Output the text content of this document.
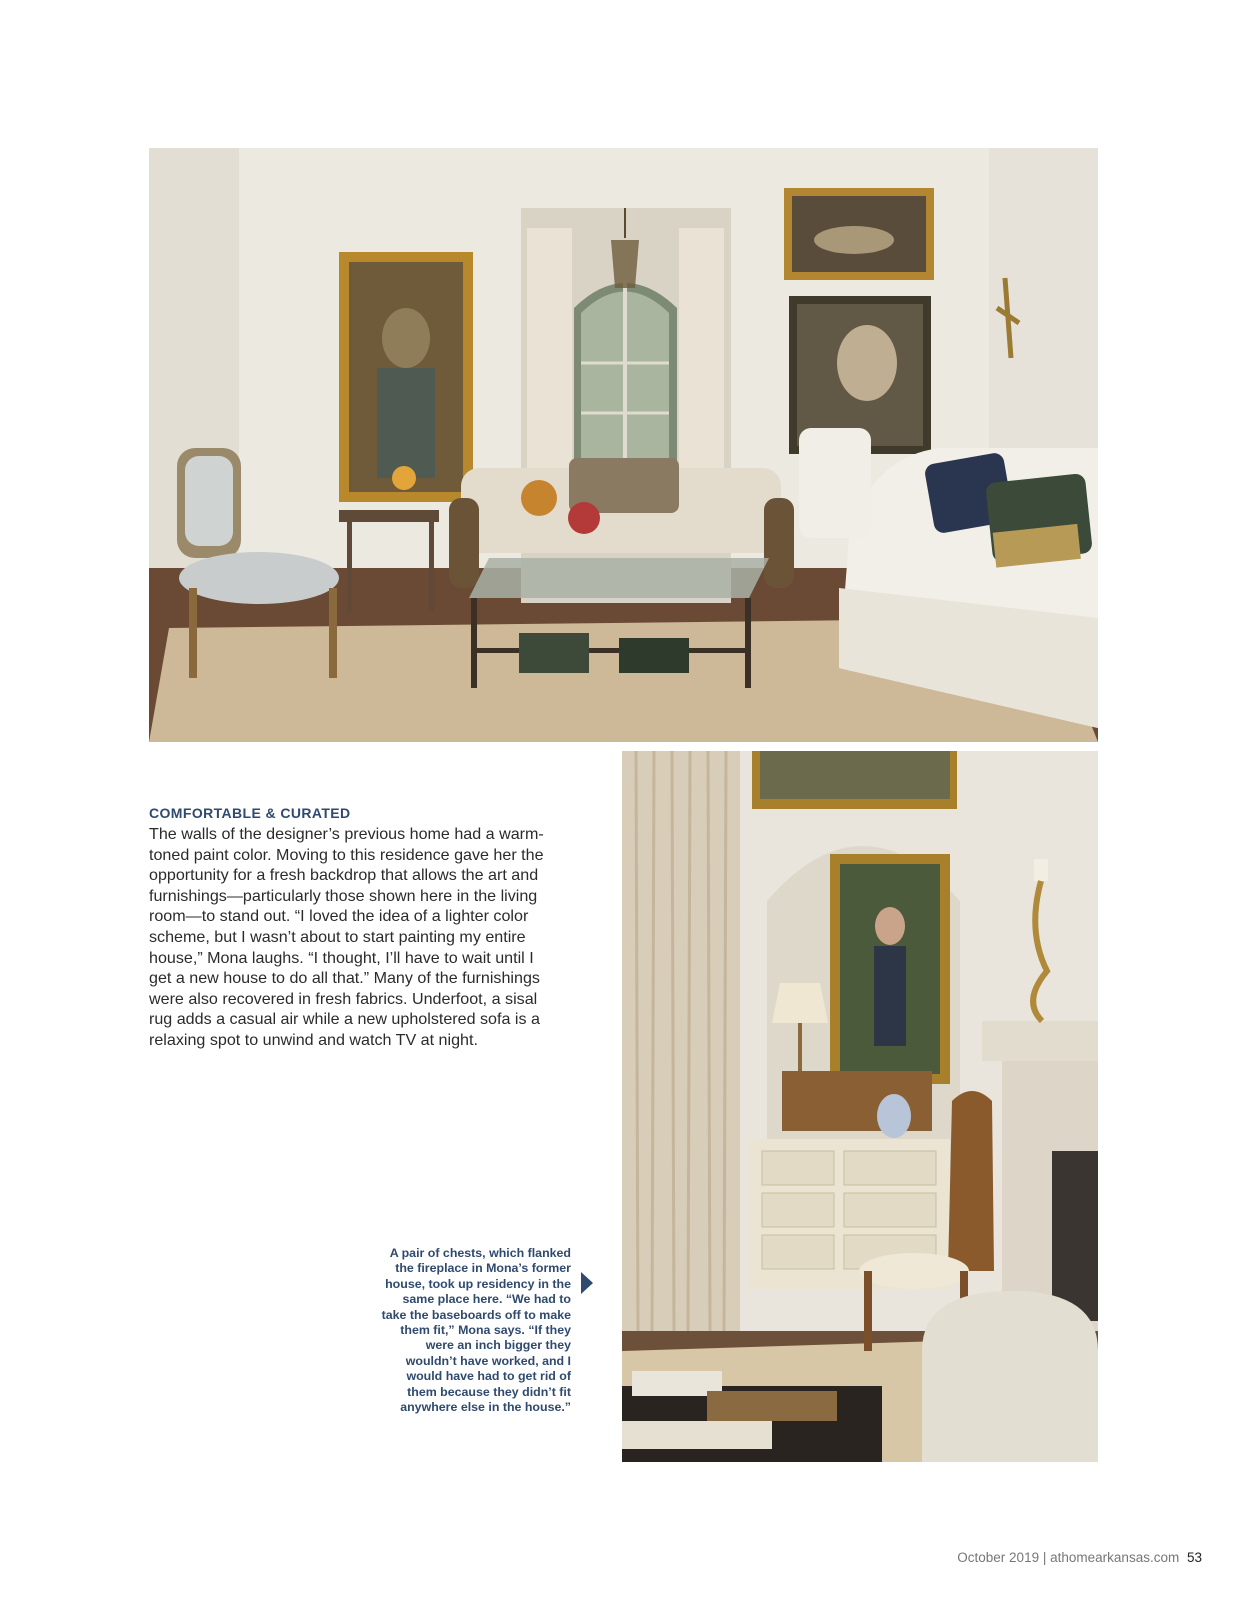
COMFORTABLE & CURATED

The walls of the designer’s previous home had a warm-toned paint color. Moving to this residence gave her the opportunity for a fresh backdrop that allows the art and furnishings—particularly those shown here in the living room—to stand out. “I loved the idea of a lighter color scheme, but I wasn’t about to start painting my entire house,” Mona laughs. “I thought, I’ll have to wait until I get a new house to do all that.” Many of the furnishings were also recovered in fresh fabrics. Underfoot, a sisal rug adds a casual air while a new upholstered sofa is a relaxing spot to unwind and watch TV at night.

A pair of chests, which flanked the fireplace in Mona’s former house, took up residency in the same place here. “We had to take the baseboards off to make them fit,” Mona says. “If they were an inch bigger they wouldn’t have worked, and I would have had to get rid of them because they didn’t fit anywhere else in the house.”
October 2019 | athomearkansas.com 53
